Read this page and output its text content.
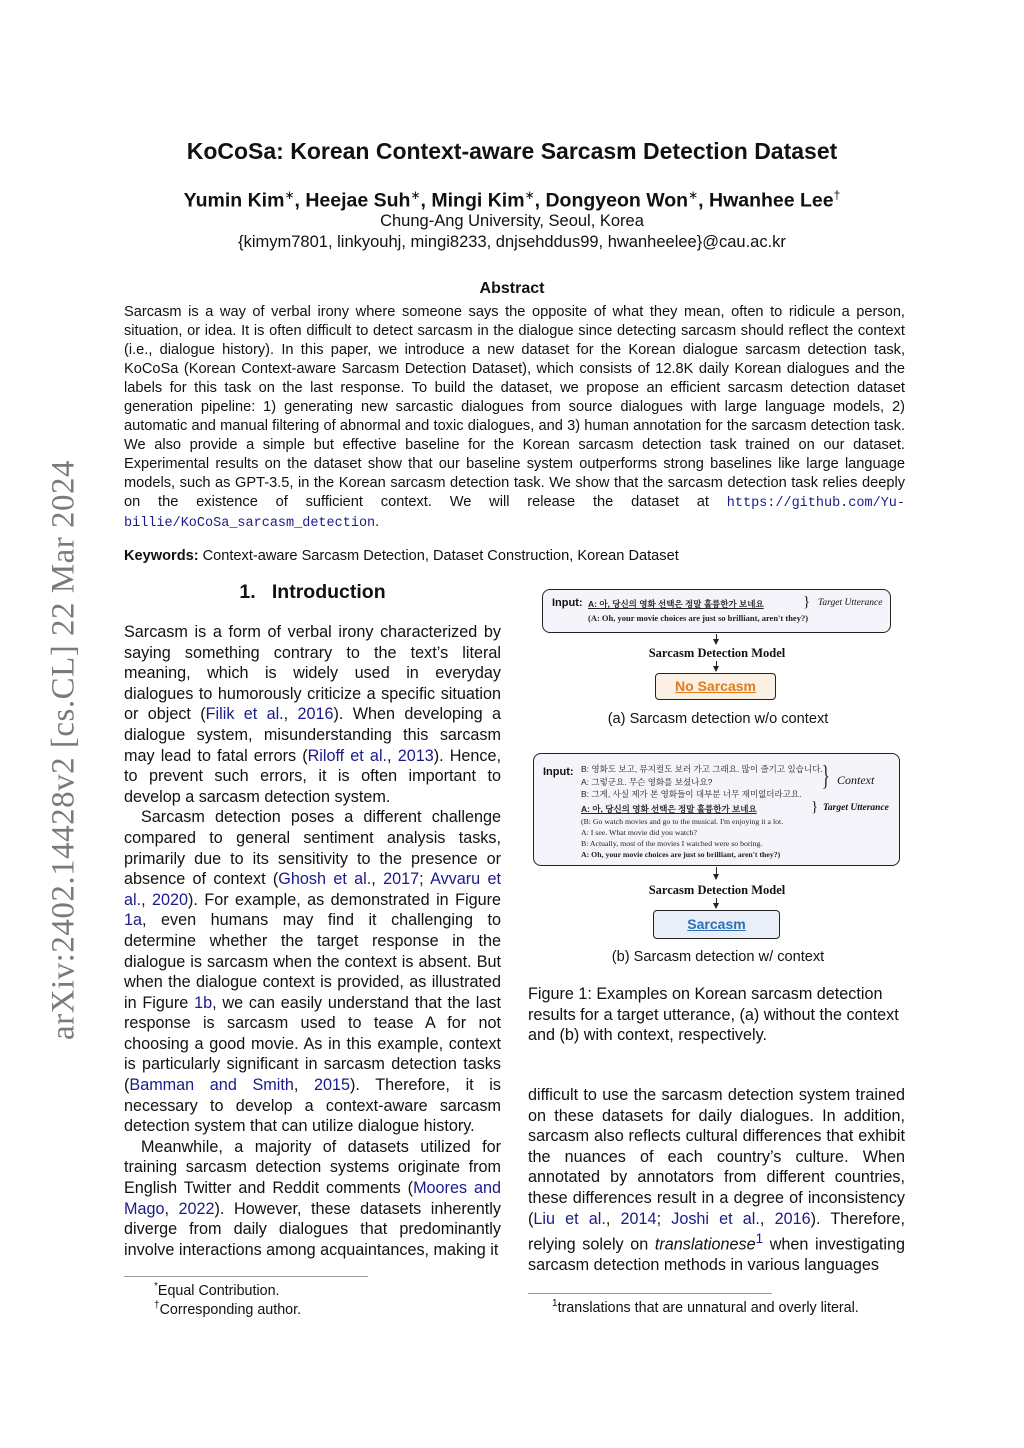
arXiv:2402.14428v2 [cs.CL] 22 Mar 2024
KoCoSa: Korean Context-aware Sarcasm Detection Dataset
Yumin Kim∗, Heejae Suh∗, Mingi Kim∗, Dongyeon Won∗, Hwanhee Lee†
Chung-Ang University, Seoul, Korea
{kimym7801, linkyouhj, mingi8233, dnjsehddus99, hwanheelee}@cau.ac.kr
Abstract
Sarcasm is a way of verbal irony where someone says the opposite of what they mean, often to ridicule a person, situation, or idea. It is often difficult to detect sarcasm in the dialogue since detecting sarcasm should reflect the context (i.e., dialogue history). In this paper, we introduce a new dataset for the Korean dialogue sarcasm detection task, KoCoSa (Korean Context-aware Sarcasm Detection Dataset), which consists of 12.8K daily Korean dialogues and the labels for this task on the last response. To build the dataset, we propose an efficient sarcasm detection dataset generation pipeline: 1) generating new sarcastic dialogues from source dialogues with large language models, 2) automatic and manual filtering of abnormal and toxic dialogues, and 3) human annotation for the sarcasm detection task. We also provide a simple but effective baseline for the Korean sarcasm detection task trained on our dataset. Experimental results on the dataset show that our baseline system outperforms strong baselines like large language models, such as GPT-3.5, in the Korean sarcasm detection task. We show that the sarcasm detection task relies deeply on the existence of sufficient context. We will release the dataset at https://github.com/Yu-billie/KoCoSa_sarcasm_detection.
Keywords: Context-aware Sarcasm Detection, Dataset Construction, Korean Dataset
1. Introduction

Sarcasm is a form of verbal irony characterized by saying something contrary to the text’s literal meaning, which is widely used in everyday dialogues to humorously criticize a specific situation or object (Filik et al., 2016). When developing a dialogue system, misunderstanding this sarcasm may lead to fatal errors (Riloff et al., 2013). Hence, to prevent such errors, it is often important to develop a sarcasm detection system.

Sarcasm detection poses a different challenge compared to general sentiment analysis tasks, primarily due to its sensitivity to the presence or absence of context (Ghosh et al., 2017; Avvaru et al., 2020). For example, as demonstrated in Figure 1a, even humans may find it challenging to determine whether the target response in the dialogue is sarcasm when the context is absent. But when the dialogue context is provided, as illustrated in Figure 1b, we can easily understand that the last response is sarcasm used to tease A for not choosing a good movie. As in this example, context is particularly significant in sarcasm detection tasks (Bamman and Smith, 2015). Therefore, it is necessary to develop a context-aware sarcasm detection system that can utilize dialogue history.

Meanwhile, a majority of datasets utilized for training sarcasm detection systems originate from English Twitter and Reddit comments (Moores and Mago, 2022). However, these datasets inherently diverge from daily dialogues that predominantly involve interactions among acquaintances, making it

*Equal Contribution.
†Corresponding author.
Input: A: 아, 당신의 영화 선택은 정말 훌륭한가 보네요
(A: Oh, your movie choices are just so brilliant, aren't they?)
} Target Utterance
Sarcasm Detection Model
No Sarcasm
(a) Sarcasm detection w/o context
Input: B: 영화도 보고, 뮤지컬도 보러 가고 그래요. 많이 즐기고 있습니다.
A: 그렇군요. 무슨 영화를 보셨나요?
B: 그게, 사실 제가 본 영화들이 대부분 너무 재미없더라고요.
} Context
A: 아, 당신의 영화 선택은 정말 훌륭한가 보네요	} Target Utterance
(B: Go watch movies and go to the musical. I'm enjoying it a lot.
A: I see. What movie did you watch?
B: Actually, most of the movies I watched were so boring.
A: Oh, your movie choices are just so brilliant, aren't they?)
Sarcasm Detection Model
Sarcasm
(b) Sarcasm detection w/ context
Figure 1: Examples on Korean sarcasm detection results for a target utterance, (a) without the context and (b) with context, respectively.
difficult to use the sarcasm detection system trained on these datasets for daily dialogues. In addition, sarcasm also reflects cultural differences that exhibit the nuances of each country’s culture. When annotated by annotators from different countries, these differences result in a degree of inconsistency (Liu et al., 2014; Joshi et al., 2016). Therefore, relying solely on translationese$^1$ when investigating sarcasm detection methods in various languages
$^1$translations that are unnatural and overly literal.
